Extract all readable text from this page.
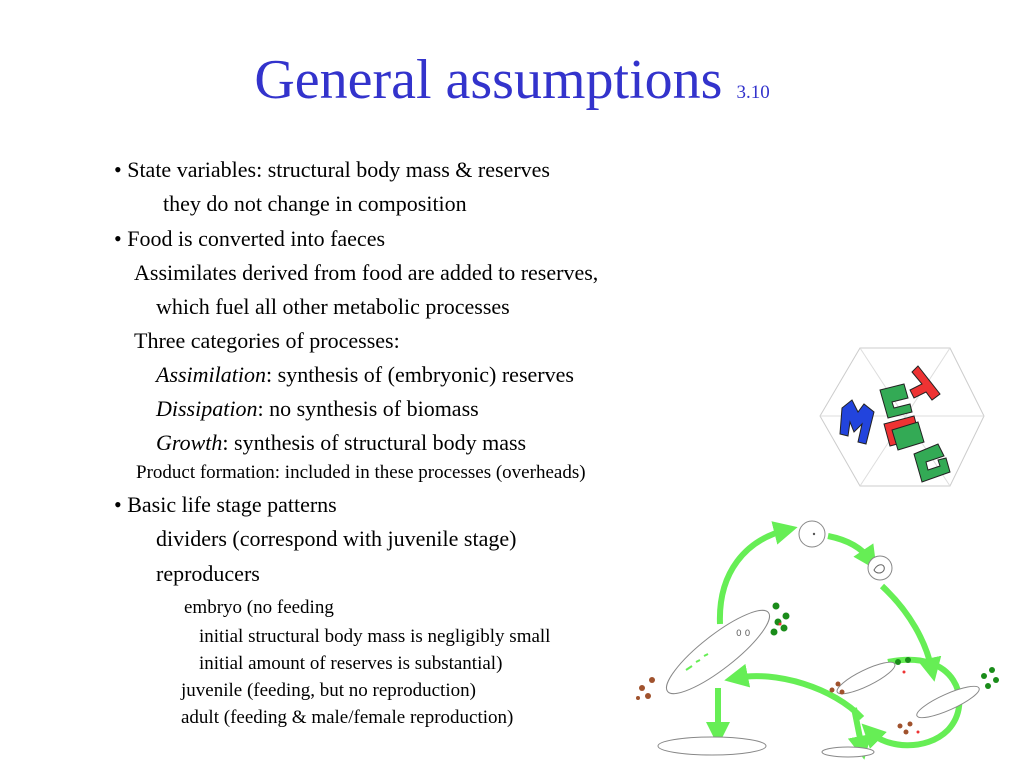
General assumptions 3.10
• State variables: structural body mass & reserves
they do not change in composition
• Food is converted into faeces
Assimilates derived from food are added to reserves,
which fuel all other metabolic processes
Three categories of processes:
Assimilation: synthesis of (embryonic) reserves
Dissipation: no synthesis of biomass
Growth: synthesis of structural body mass
Product formation: included in these processes (overheads)
• Basic life stage patterns
dividers (correspond with juvenile stage)
reproducers
embryo (no feeding
initial structural body mass is negligibly small
initial amount of reserves is substantial)
juvenile (feeding, but no reproduction)
adult (feeding & male/female reproduction)
0 0
